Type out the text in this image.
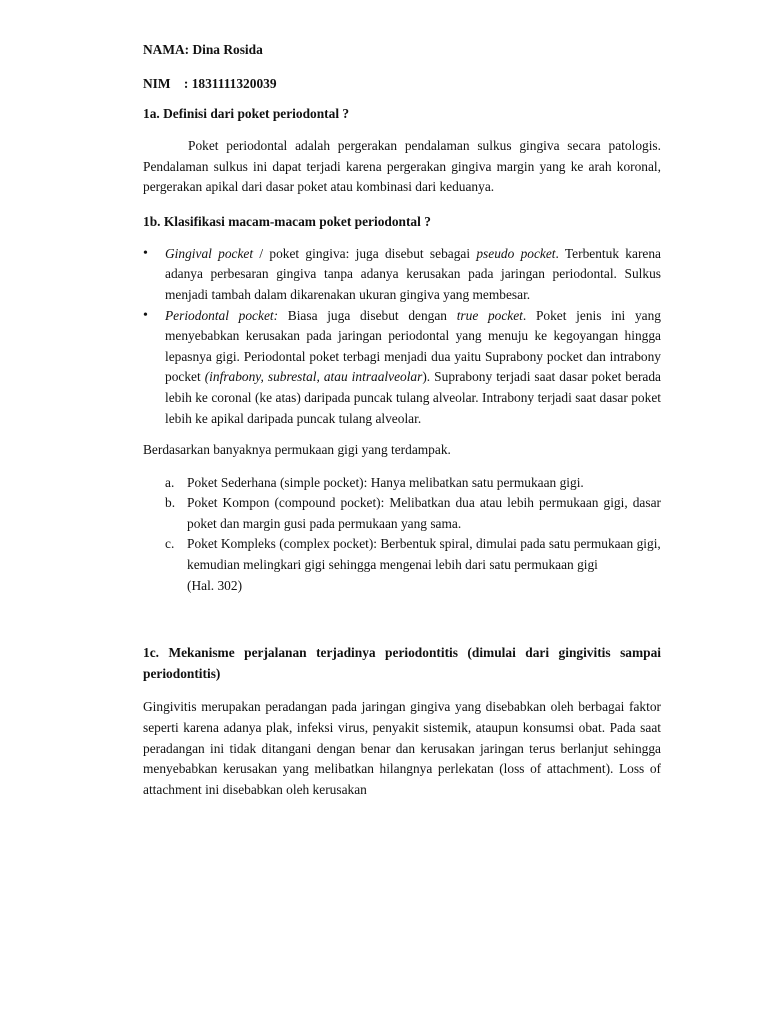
NAMA: Dina Rosida
NIM    : 1831111320039

1a. Definisi dari poket periodontal ?

Poket periodontal adalah pergerakan pendalaman sulkus gingiva secara patologis. Pendalaman sulkus ini dapat terjadi karena pergerakan gingiva margin yang ke arah koronal, pergerakan apikal dari dasar poket atau kombinasi dari keduanya.

1b. Klasifikasi macam-macam poket periodontal ?

•	Gingival pocket / poket gingiva: juga disebut sebagai pseudo pocket. Terbentuk karena adanya perbesaran gingiva tanpa adanya kerusakan pada jaringan periodontal. Sulkus menjadi tambah dalam dikarenakan ukuran gingiva yang membesar.
•	Periodontal pocket: Biasa juga disebut dengan true pocket. Poket jenis ini yang menyebabkan kerusakan pada jaringan periodontal yang menuju ke kegoyangan hingga lepasnya gigi. Periodontal poket terbagi menjadi dua yaitu Suprabony pocket dan intrabony pocket (infrabony, subrestal, atau intraalveolar). Suprabony terjadi saat dasar poket berada lebih ke coronal (ke atas) daripada puncak tulang alveolar. Intrabony terjadi saat dasar poket lebih ke apikal daripada puncak tulang alveolar.

Berdasarkan banyaknya permukaan gigi yang terdampak.

a. Poket Sederhana (simple pocket): Hanya melibatkan satu permukaan gigi.
b. Poket Kompon (compound pocket): Melibatkan dua atau lebih permukaan gigi, dasar poket dan margin gusi pada permukaan yang sama.
c. Poket Kompleks (complex pocket): Berbentuk spiral, dimulai pada satu permukaan gigi, kemudian melingkari gigi sehingga mengenai lebih dari satu permukaan gigi
(Hal. 302)

1c. Mekanisme perjalanan terjadinya periodontitis (dimulai dari gingivitis sampai periodontitis)

Gingivitis merupakan peradangan pada jaringan gingiva yang disebabkan oleh berbagai faktor seperti karena adanya plak, infeksi virus, penyakit sistemik, ataupun konsumsi obat. Pada saat peradangan ini tidak ditangani dengan benar dan kerusakan jaringan terus berlanjut sehingga menyebabkan kerusakan yang melibatkan hilangnya perlekatan (loss of attachment). Loss of attachment ini disebabkan oleh kerusakan
